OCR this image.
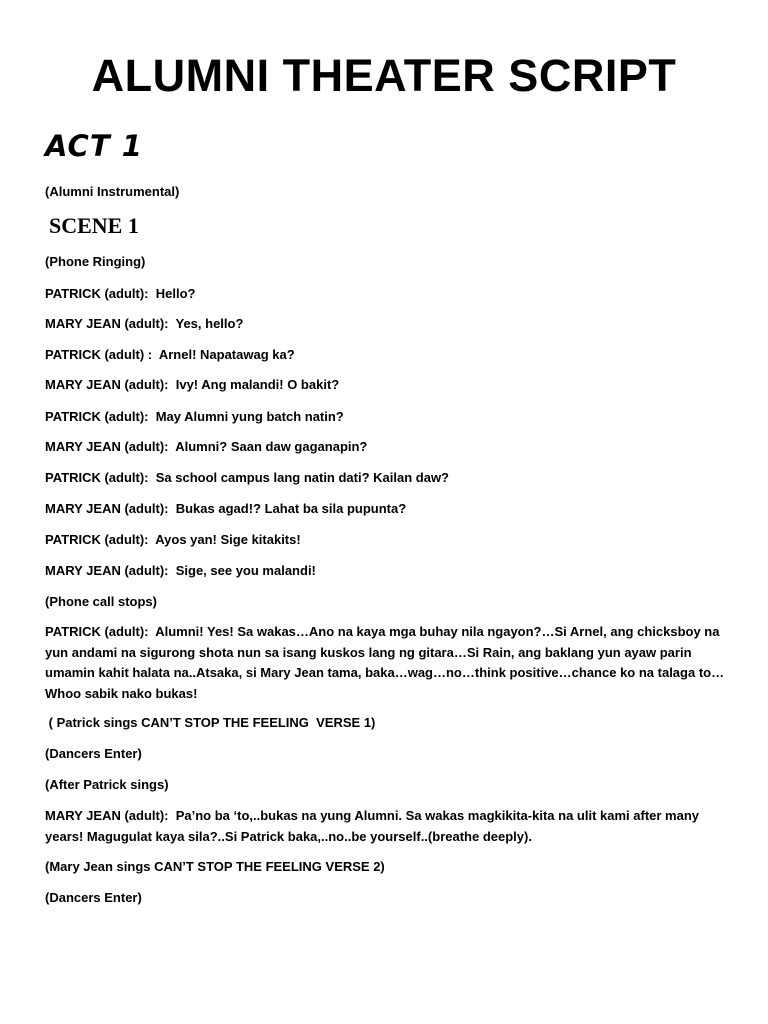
ALUMNI THEATER SCRIPT
ACT 1
(Alumni Instrumental)
SCENE 1
(Phone Ringing)
PATRICK (adult):  Hello?
MARY JEAN (adult):  Yes, hello?
PATRICK (adult) :  Arnel! Napatawag ka?
MARY JEAN (adult):  Ivy! Ang malandi! O bakit?
PATRICK (adult):  May Alumni yung batch natin?
MARY JEAN (adult):  Alumni? Saan daw gaganapin?
PATRICK (adult):  Sa school campus lang natin dati? Kailan daw?
MARY JEAN (adult):  Bukas agad!? Lahat ba sila pupunta?
PATRICK (adult):  Ayos yan! Sige kitakits!
MARY JEAN (adult):  Sige, see you malandi!
(Phone call stops)
PATRICK (adult):  Alumni! Yes! Sa wakas…Ano na kaya mga buhay nila ngayon?…Si Arnel, ang chicksboy na yun andami na sigurong shota nun sa isang kuskos lang ng gitara…Si Rain, ang baklang yun ayaw parin umamin kahit halata na..Atsaka, si Mary Jean tama, baka…wag…no…think positive…chance ko na talaga to…Whoo sabik nako bukas!
( Patrick sings CAN’T STOP THE FEELING  VERSE 1)
(Dancers Enter)
(After Patrick sings)
MARY JEAN (adult):  Pa’no ba ‘to,..bukas na yung Alumni. Sa wakas magkikita-kita na ulit kami after many years! Magugulat kaya sila?..Si Patrick baka,..no..be yourself..(breathe deeply).
(Mary Jean sings CAN’T STOP THE FEELING VERSE 2)
(Dancers Enter)
